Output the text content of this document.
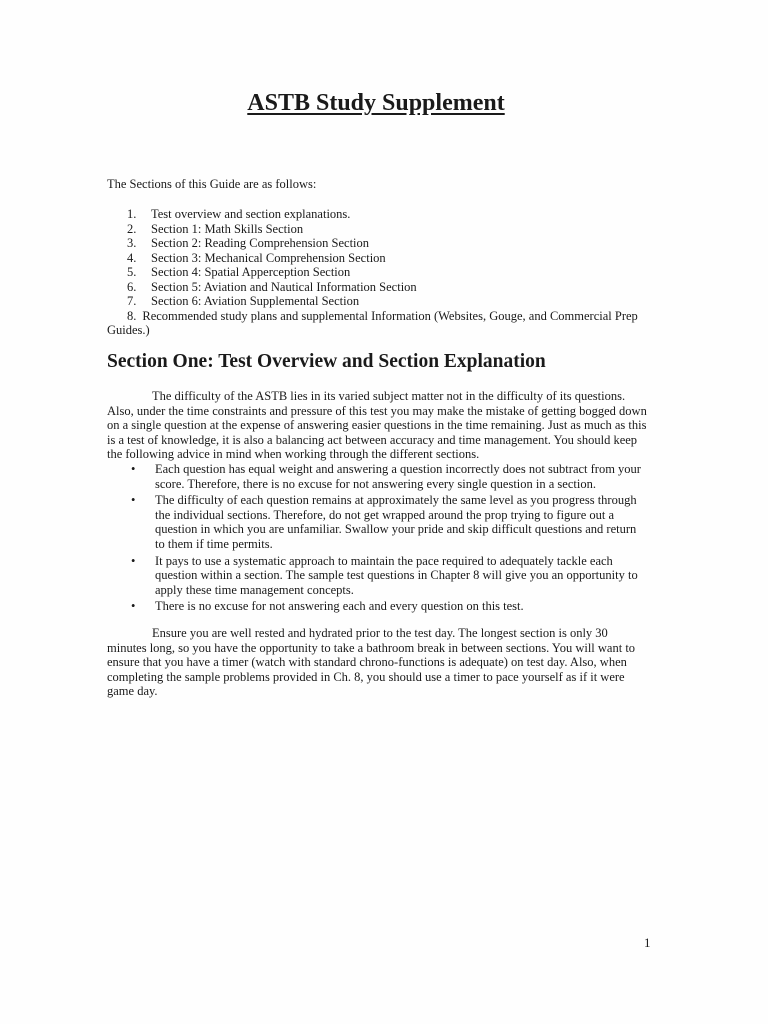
ASTB Study Supplement

The Sections of this Guide are as follows:

1. Test overview and section explanations.
2. Section 1: Math Skills Section
3. Section 2: Reading Comprehension Section
4. Section 3: Mechanical Comprehension Section
5. Section 4: Spatial Apperception Section
6. Section 5: Aviation and Nautical Information Section
7. Section 6: Aviation Supplemental Section
8. Recommended study plans and supplemental Information (Websites, Gouge, and Commercial Prep Guides.)
Section One: Test Overview and Section Explanation

The difficulty of the ASTB lies in its varied subject matter not in the difficulty of its questions. Also, under the time constraints and pressure of this test you may make the mistake of getting bogged down on a single question at the expense of answering easier questions in the time remaining. Just as much as this is a test of knowledge, it is also a balancing act between accuracy and time management. You should keep the following advice in mind when working through the different sections.

• Each question has equal weight and answering a question incorrectly does not subtract from your score. Therefore, there is no excuse for not answering every single question in a section.
• The difficulty of each question remains at approximately the same level as you progress through the individual sections. Therefore, do not get wrapped around the prop trying to figure out a question in which you are unfamiliar. Swallow your pride and skip difficult questions and return to them if time permits.
• It pays to use a systematic approach to maintain the pace required to adequately tackle each question within a section. The sample test questions in Chapter 8 will give you an opportunity to apply these time management concepts.
• There is no excuse for not answering each and every question on this test.

Ensure you are well rested and hydrated prior to the test day. The longest section is only 30 minutes long, so you have the opportunity to take a bathroom break in between sections. You will want to ensure that you have a timer (watch with standard chrono-functions is adequate) on test day. Also, when completing the sample problems provided in Ch. 8, you should use a timer to pace yourself as if it were game day.

1
